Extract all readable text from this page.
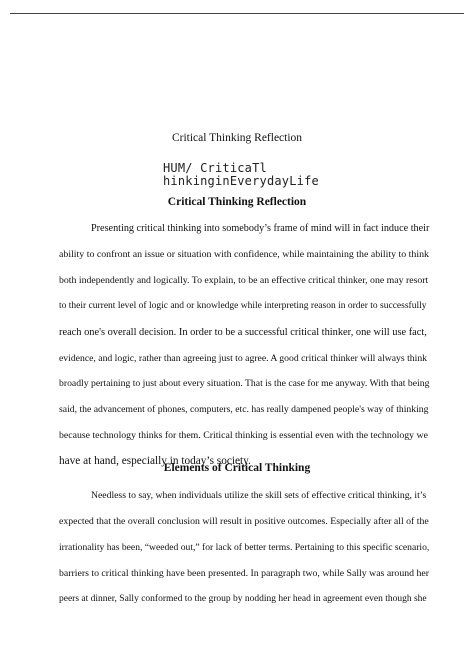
Critical Thinking Reflection
HUM/ CriticaTl
hinkinginEverydayLife
Critical Thinking Reflection
Presenting critical thinking into somebody’s frame of mind will in fact induce their
ability to confront an issue or situation with confidence, while maintaining the ability to think
both independently and logically. To explain, to be an effective critical thinker, one may resort
to their current level of logic and or knowledge while interpreting reason in order to successfully
reach one's overall decision. In order to be a successful critical thinker, one will use fact,
evidence, and logic, rather than agreeing just to agree. A good critical thinker will always think
broadly pertaining to just about every situation. That is the case for me anyway. With that being
said, the advancement of phones, computers, etc. has really dampened people's way of thinking
because technology thinks for them. Critical thinking is essential even with the technology we
have at hand, especially in today’s society.
Elements of Critical Thinking
Needless to say, when individuals utilize the skill sets of effective critical thinking, it’s
expected that the overall conclusion will result in positive outcomes. Especially after all of the
irrationality has been, “weeded out,” for lack of better terms. Pertaining to this specific scenario,
barriers to critical thinking have been presented. In paragraph two, while Sally was around her
peers at dinner, Sally conformed to the group by nodding her head in agreement even though she
